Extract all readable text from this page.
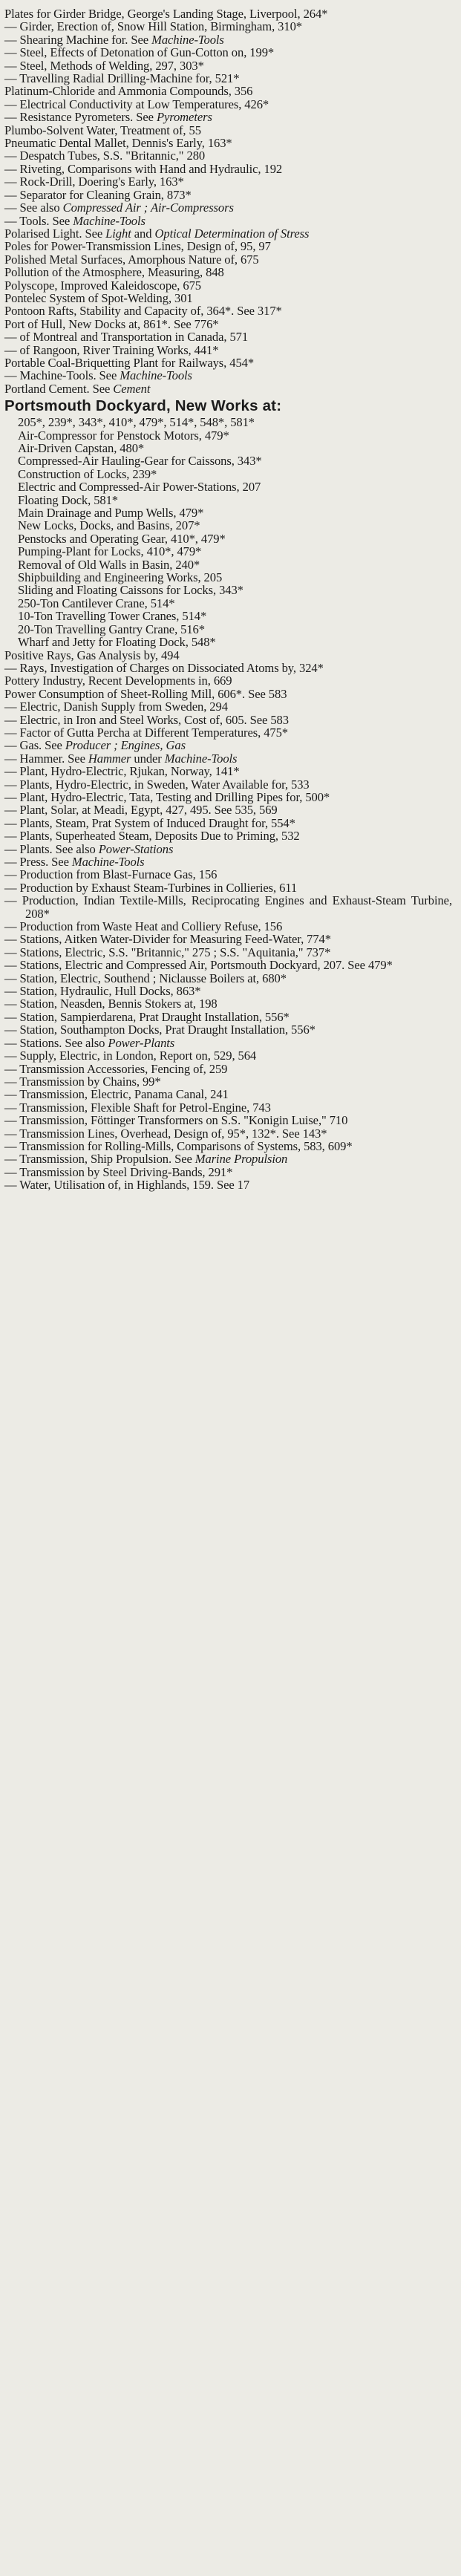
Plates for Girder Bridge, George's Landing Stage, Liverpool, 264*
— Girder, Erection of, Snow Hill Station, Birmingham, 310*
— Shearing Machine for. See Machine-Tools
— Steel, Effects of Detonation of Gun-Cotton on, 199*
— Steel, Methods of Welding, 297, 303*
— Travelling Radial Drilling-Machine for, 521*
Platinum-Chloride and Ammonia Compounds, 356
— Electrical Conductivity at Low Temperatures, 426*
— Resistance Pyrometers. See Pyrometers
Plumbo-Solvent Water, Treatment of, 55
Pneumatic Dental Mallet, Dennis's Early, 163*
— Despatch Tubes, S.S. "Britannic," 280
— Riveting, Comparisons with Hand and Hydraulic, 192
— Rock-Drill, Doering's Early, 163*
— Separator for Cleaning Grain, 873*
— See also Compressed Air ; Air-Compressors
— Tools. See Machine-Tools
Polarised Light. See Light and Optical Determination of Stress
Poles for Power-Transmission Lines, Design of, 95, 97
Polished Metal Surfaces, Amorphous Nature of, 675
Pollution of the Atmosphere, Measuring, 848
Polyscope, Improved Kaleidoscope, 675
Pontelec System of Spot-Welding, 301
Pontoon Rafts, Stability and Capacity of, 364*. See 317*
Port of Hull, New Docks at, 861*. See 776*
— of Montreal and Transportation in Canada, 571
— of Rangoon, River Training Works, 441*
Portable Coal-Briquetting Plant for Railways, 454*
— Machine-Tools. See Machine-Tools
Portland Cement. See Cement
Portsmouth Dockyard, New Works at:
205*, 239*, 343*, 410*, 479*, 514*, 548*, 581*
Air-Compressor for Penstock Motors, 479*
Air-Driven Capstan, 480*
Compressed-Air Hauling-Gear for Caissons, 343*
Construction of Locks, 239*
Electric and Compressed-Air Power-Stations, 207
Floating Dock, 581*
Main Drainage and Pump Wells, 479*
New Locks, Docks, and Basins, 207*
Penstocks and Operating Gear, 410*, 479*
Pumping-Plant for Locks, 410*, 479*
Removal of Old Walls in Basin, 240*
Shipbuilding and Engineering Works, 205
Sliding and Floating Caissons for Locks, 343*
250-Ton Cantilever Crane, 514*
10-Ton Travelling Tower Cranes, 514*
20-Ton Travelling Gantry Crane, 516*
Wharf and Jetty for Floating Dock, 548*
Positive Rays, Gas Analysis by, 494
— Rays, Investigation of Charges on Dissociated Atoms by, 324*
Pottery Industry, Recent Developments in, 669
Power Consumption of Sheet-Rolling Mill, 606*. See 583
— Electric, Danish Supply from Sweden, 294
— Electric, in Iron and Steel Works, Cost of, 605. See 583
— Factor of Gutta Percha at Different Temperatures, 475*
— Gas. See Producer ; Engines, Gas
— Hammer. See Hammer under Machine-Tools
— Plant, Hydro-Electric, Rjukan, Norway, 141*
— Plants, Hydro-Electric, in Sweden, Water Available for, 533
— Plant, Hydro-Electric, Tata, Testing and Drilling Pipes for, 500*
— Plant, Solar, at Meadi, Egypt, 427, 495. See 535, 569
— Plants, Steam, Prat System of Induced Draught for, 554*
— Plants, Superheated Steam, Deposits Due to Priming, 532
— Plants. See also Power-Stations
— Press. See Machine-Tools
— Production from Blast-Furnace Gas, 156
— Production by Exhaust Steam-Turbines in Collieries, 611
— Production, Indian Textile-Mills, Reciprocating Engines and Exhaust-Steam Turbine, 208*
— Production from Waste Heat and Colliery Refuse, 156
— Stations, Aitken Water-Divider for Measuring Feed-Water, 774*
— Stations, Electric, S.S. "Britannic," 275 ; S.S. "Aquitania," 737*
— Stations, Electric and Compressed Air, Portsmouth Dockyard, 207. See 479*
— Station, Electric, Southend ; Niclausse Boilers at, 680*
— Station, Hydraulic, Hull Docks, 863*
— Station, Neasden, Bennis Stokers at, 198
— Station, Sampierdarena, Prat Draught Installation, 556*
— Station, Southampton Docks, Prat Draught Installation, 556*
— Stations. See also Power-Plants
— Supply, Electric, in London, Report on, 529, 564
— Transmission Accessories, Fencing of, 259
— Transmission by Chains, 99*
— Transmission, Electric, Panama Canal, 241
— Transmission, Flexible Shaft for Petrol-Engine, 743
— Transmission, Föttinger Transformers on S.S. "Konigin Luise," 710
— Transmission Lines, Overhead, Design of, 95*, 132*. See 143*
— Transmission for Rolling-Mills, Comparisons of Systems, 583, 609*
— Transmission, Ship Propulsion. See Marine Propulsion
— Transmission by Steel Driving-Bands, 291*
— Water, Utilisation of, in Highlands, 159. See 17
